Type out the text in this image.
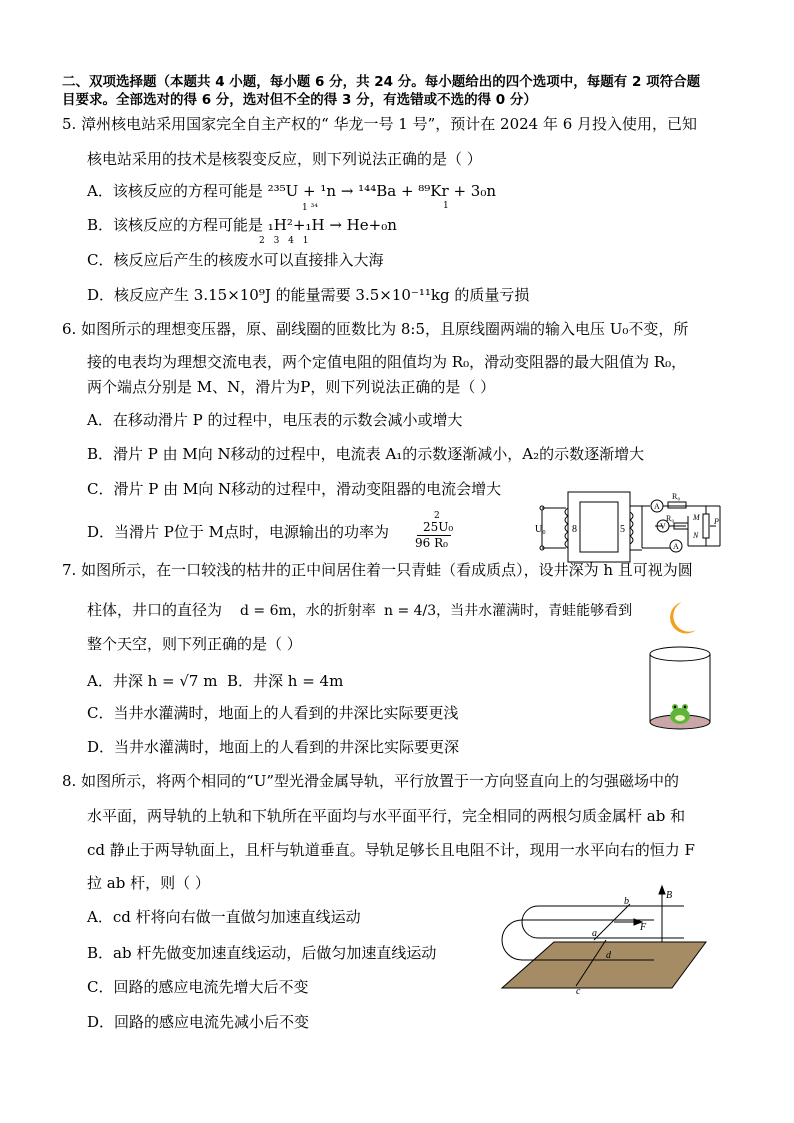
二、双项选择题（本题共 4 小题，每小题 6 分，共 24 分。每小题给出的四个选项中，每题有 2 项符合题
目要求。全部选对的得 6 分，选对但不全的得 3 分，有选错或不选的得 0 分）
5. 漳州核电站采用国家完全自主产权的“ 华龙一号 1 号”，预计在 2024 年 6 月投入使用，已知
核电站采用的技术是核裂变反应，则下列说法正确的是（ ）
A．该核反应的方程可能是 ²³⁵U + ¹n → ¹⁴⁴Ba + ⁸⁹Kr + 3₀n
1
1 ³⁴
B．该核反应的方程可能是 ₁H²+₁H → He+₀n
2 3 4 1
C．核反应后产生的核废水可以直接排入大海
D．核反应产生 3.15×10⁹J 的能量需要 3.5×10⁻¹¹kg 的质量亏损
6. 如图所示的理想变压器，原、副线圈的匝数比为 8:5，且原线圈两端的输入电压 U₀不变，所
接的电表均为理想交流电表，两个定值电阻的阻值均为 R₀，滑动变阻器的最大阻值为 R₀，
两个端点分别是 M、N，滑片为P，则下列说法正确的是（ ）
A．在移动滑片 P 的过程中，电压表的示数会减小或增大
B．滑片 P 由 M向 N移动的过程中，电流表 A₁的示数逐渐减小，A₂的示数逐渐增大
C．滑片 P 由 M向 N移动的过程中，滑动变阻器的电流会增大
D．当滑片 P位于 M点时，电源输出的功率为
2
25U₀
96 R₀
U₀	8	5
A
V
A
R₀
R₀ M
N
P
7. 如图所示，在一口较浅的枯井的正中间居住着一只青蛙（看成质点），设井深为 h 且可视为圆
柱体，井口的直径为 d = 6m，水的折射率 n = 4/3，当井水灌满时，青蛙能够看到
整个天空，则下列正确的是（ ）
A．井深 h = √7 m B．井深 h = 4m
C．当井水灌满时，地面上的人看到的井深比实际要更浅
D．当井水灌满时，地面上的人看到的井深比实际要更深
8. 如图所示，将两个相同的“U”型光滑金属导轨，平行放置于一方向竖直向上的匀强磁场中的
水平面，两导轨的上轨和下轨所在平面均与水平面平行，完全相同的两根匀质金属杆 ab 和
cd 静止于两导轨面上，且杆与轨道垂直。导轨足够长且电阻不计，现用一水平向右的恒力 F
拉 ab 杆，则（ ）
A．cd 杆将向右做一直做匀加速直线运动
B．ab 杆先做变加速直线运动，后做匀加速直线运动
C．回路的感应电流先增大后不变
D．回路的感应电流先减小后不变
B
b
a
F
d
c
